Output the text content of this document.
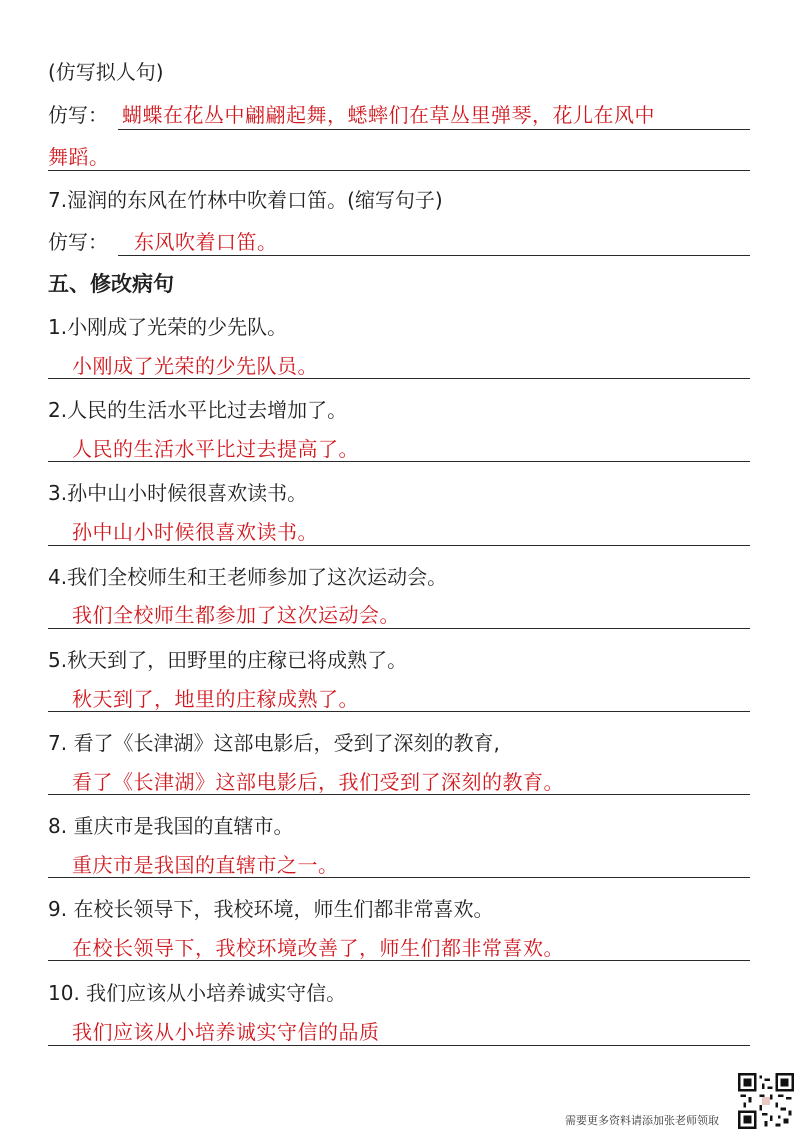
(仿写拟人句)
仿写： 蝴蝶在花丛中翩翩起舞，蟋蟀们在草丛里弹琴，花儿在风中
舞蹈。
7.湿润的东风在竹林中吹着口笛。(缩写句子)
仿写： 东风吹着口笛。
五、修改病句
1.小刚成了光荣的少先队。
小刚成了光荣的少先队员。
2.人民的生活水平比过去增加了。
人民的生活水平比过去提高了。
3.孙中山小时候很喜欢读书。
孙中山小时候很喜欢读书。
4.我们全校师生和王老师参加了这次运动会。
我们全校师生都参加了这次运动会。
5.秋天到了，田野里的庄稼已将成熟了。
秋天到了，地里的庄稼成熟了。
7. 看了《长津湖》这部电影后，受到了深刻的教育,
看了《长津湖》这部电影后，我们受到了深刻的教育。
8. 重庆市是我国的直辖市。
重庆市是我国的直辖市之一。
9. 在校长领导下，我校环境，师生们都非常喜欢。
在校长领导下，我校环境改善了，师生们都非常喜欢。
10. 我们应该从小培养诚实守信。
我们应该从小培养诚实守信的品质
需要更多资料请添加张老师领取
